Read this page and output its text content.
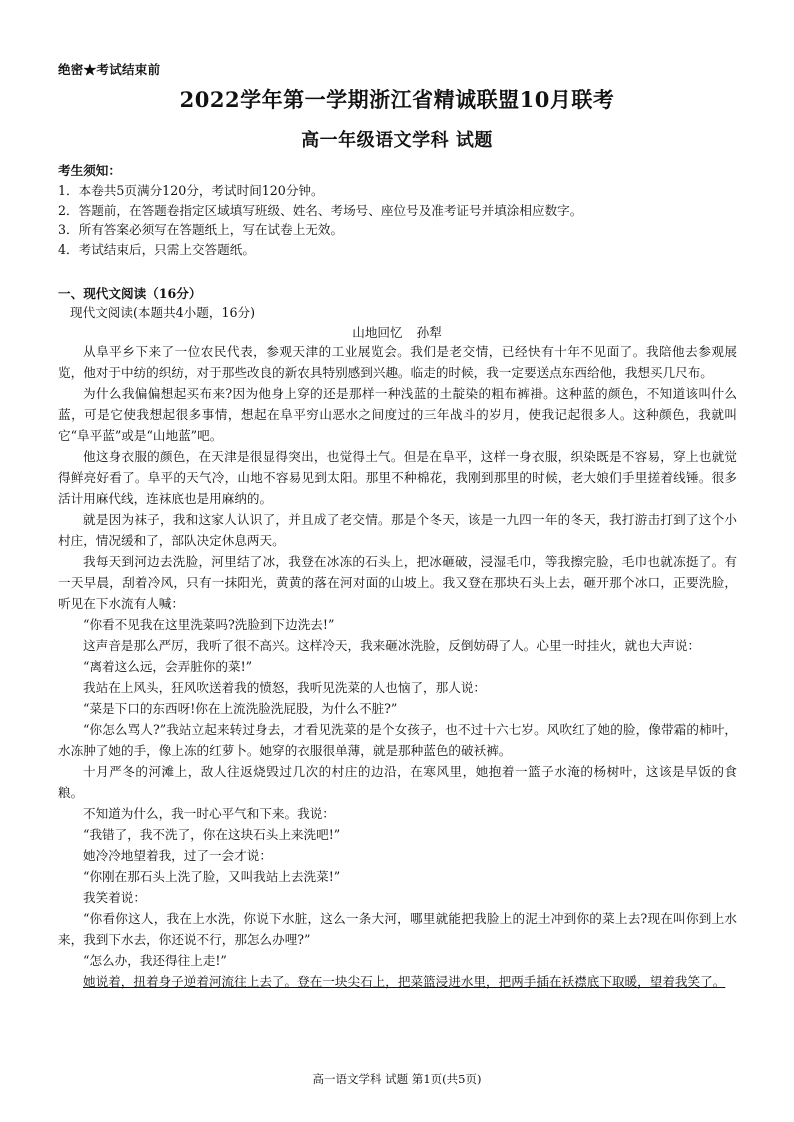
绝密★考试结束前
2022学年第一学期浙江省精诚联盟10月联考
高一年级语文学科 试题
考生须知：
1．本卷共5页满分120分，考试时间120分钟。
2．答题前，在答题卷指定区域填写班级、姓名、考场号、座位号及准考证号并填涂相应数字。
3．所有答案必须写在答题纸上，写在试卷上无效。
4．考试结束后，只需上交答题纸。
一、现代文阅读（16分）
现代文阅读(本题共4小题，16分)
山地回忆 孙犁

从阜平乡下来了一位农民代表，参观天津的工业展览会。我们是老交情，已经快有十年不见面了。我陪他去参观展览，他对于中纺的织纺，对于那些改良的新农具特别感到兴趣。临走的时候，我一定要送点东西给他，我想买几尺布。

为什么我偏偏想起买布来?因为他身上穿的还是那样一种浅蓝的土靛染的粗布裤褂。这种蓝的颜色，不知道该叫什么蓝，可是它使我想起很多事情，想起在阜平穷山恶水之间度过的三年战斗的岁月，使我记起很多人。这种颜色，我就叫它“阜平蓝”或是“山地蓝”吧。

他这身衣服的颜色，在天津是很显得突出，也觉得土气。但是在阜平，这样一身衣服，织染既是不容易，穿上也就觉得鲜亮好看了。阜平的天气冷，山地不容易见到太阳。那里不种棉花，我刚到那里的时候，老大娘们手里搓着线锤。很多活计用麻代线，连袜底也是用麻纳的。

就是因为袜子，我和这家人认识了，并且成了老交情。那是个冬天，该是一九四一年的冬天，我打游击打到了这个小村庄，情况缓和了，部队决定休息两天。

我每天到河边去洗脸，河里结了冰，我登在冰冻的石头上，把冰砸破，浸湿毛巾，等我擦完脸，毛巾也就冻挺了。有一天早晨，刮着冷风，只有一抹阳光，黄黄的落在河对面的山坡上。我又登在那块石头上去，砸开那个冰口，正要洗脸，听见在下水流有人喊：

“你看不见我在这里洗菜吗?洗脸到下边洗去!”

这声音是那么严厉，我听了很不高兴。这样冷天，我来砸冰洗脸，反倒妨碍了人。心里一时挂火，就也大声说：

“离着这么远，会弄脏你的菜!”

我站在上风头，狂风吹送着我的愤怒，我听见洗菜的人也恼了，那人说：

“菜是下口的东西呀!你在上流洗脸洗屁股，为什么不脏?”

“你怎么骂人?”我站立起来转过身去，才看见洗菜的是个女孩子，也不过十六七岁。风吹红了她的脸，像带霜的柿叶，水冻肿了她的手，像上冻的红萝卜。她穿的衣服很单薄，就是那种蓝色的破袄裤。

十月严冬的河滩上，敌人往返烧毁过几次的村庄的边沿，在寒风里，她抱着一篮子水淹的杨树叶，这该是早饭的食粮。

不知道为什么，我一时心平气和下来。我说：

“我错了，我不洗了，你在这块石头上来洗吧!”

她冷冷地望着我，过了一会才说：

“你刚在那石头上洗了脸，又叫我站上去洗菜!”

我笑着说：

“你看你这人，我在上水洗，你说下水脏，这么一条大河，哪里就能把我脸上的泥土冲到你的菜上去?现在叫你到上水来，我到下水去，你还说不行，那怎么办哩?”

“怎么办，我还得往上走!”

她说着，扭着身子逆着河流往上去了。登在一块尖石上，把菜篮浸进水里，把两手插在袄襟底下取暖，望着我笑了。

高一语文学科 试题 第1页(共5页)
